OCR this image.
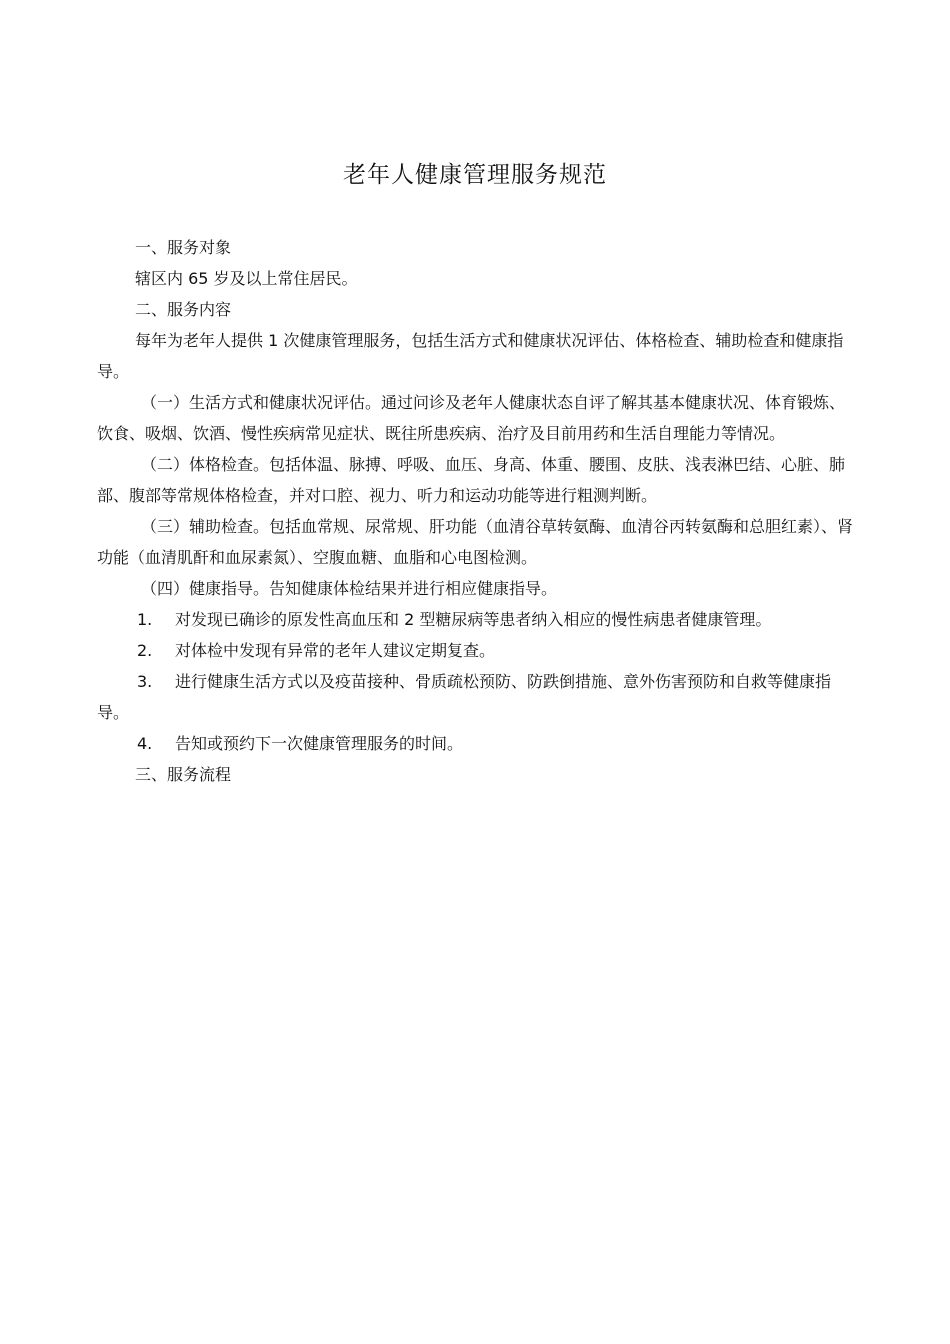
老年人健康管理服务规范

一、服务对象

辖区内 65 岁及以上常住居民。

二、服务内容

每年为老年人提供 1 次健康管理服务，包括生活方式和健康状况评估、体格检查、辅助检查和健康指导。

（一）生活方式和健康状况评估。通过问诊及老年人健康状态自评了解其基本健康状况、体育锻炼、饮食、吸烟、饮酒、慢性疾病常见症状、既往所患疾病、治疗及目前用药和生活自理能力等情况。

（二）体格检查。包括体温、脉搏、呼吸、血压、身高、体重、腰围、皮肤、浅表淋巴结、心脏、肺部、腹部等常规体格检查，并对口腔、视力、听力和运动功能等进行粗测判断。

（三）辅助检查。包括血常规、尿常规、肝功能（血清谷草转氨酶、血清谷丙转氨酶和总胆红素）、肾功能（血清肌酐和血尿素氮）、空腹血糖、血脂和心电图检测。

（四）健康指导。告知健康体检结果并进行相应健康指导。

1. 对发现已确诊的原发性高血压和 2 型糖尿病等患者纳入相应的慢性病患者健康管理。

2. 对体检中发现有异常的老年人建议定期复查。

3. 进行健康生活方式以及疫苗接种、骨质疏松预防、防跌倒措施、意外伤害预防和自救等健康指导。

4. 告知或预约下一次健康管理服务的时间。

三、服务流程
